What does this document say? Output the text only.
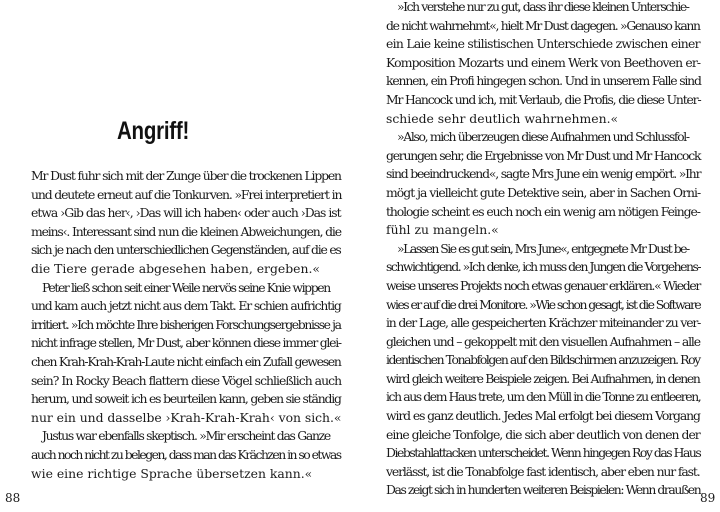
Angriff!
Mr Dust fuhr sich mit der Zunge über die trockenen Lippen
und deutete erneut auf die Tonkurven. »Frei interpretiert in
etwa ›Gib das her‹, ›Das will ich haben‹ oder auch ›Das ist
meins‹. Interessant sind nun die kleinen Abweichungen, die
sich je nach den unterschiedlichen Gegenständen, auf die es
die Tiere gerade abgesehen haben, ergeben.«
Peter ließ schon seit einer Weile nervös seine Knie wippen
und kam auch jetzt nicht aus dem Takt. Er schien aufrichtig
irritiert. »Ich möchte Ihre bisherigen Forschungsergebnisse ja
nicht infrage stellen, Mr Dust, aber können diese immer glei-
chen Krah-Krah-Krah-Laute nicht einfach ein Zufall gewesen
sein? In Rocky Beach flattern diese Vögel schließlich auch
herum, und soweit ich es beurteilen kann, geben sie ständig
nur ein und dasselbe ›Krah-Krah-Krah‹ von sich.«
Justus war ebenfalls skeptisch. »Mir erscheint das Ganze
auch noch nicht zu belegen, dass man das Krächzen in so etwas
wie eine richtige Sprache übersetzen kann.«
88
»Ich verstehe nur zu gut, dass ihr diese kleinen Unterschie-
de nicht wahrnehmt«, hielt Mr Dust dagegen. »Genauso kann
ein Laie keine stilistischen Unterschiede zwischen einer
Komposition Mozarts und einem Werk von Beethoven er-
kennen, ein Profi hingegen schon. Und in unserem Falle sind
Mr Hancock und ich, mit Verlaub, die Profis, die diese Unter-
schiede sehr deutlich wahrnehmen.«
»Also, mich überzeugen diese Aufnahmen und Schlussfol-
gerungen sehr, die Ergebnisse von Mr Dust und Mr Hancock
sind beeindruckend«, sagte Mrs June ein wenig empört. »Ihr
mögt ja vielleicht gute Detektive sein, aber in Sachen Orni-
thologie scheint es euch noch ein wenig am nötigen Feinge-
fühl zu mangeln.«
»Lassen Sie es gut sein, Mrs June«, entgegnete Mr Dust be-
schwichtigend. »Ich denke, ich muss den Jungen die Vorgehens-
weise unseres Projekts noch etwas genauer erklären.« Wieder
wies er auf die drei Monitore. »Wie schon gesagt, ist die Software
in der Lage, alle gespeicherten Krächzer miteinander zu ver-
gleichen und – gekoppelt mit den visuellen Aufnahmen – alle
identischen Tonabfolgen auf den Bildschirmen anzuzeigen. Roy
wird gleich weitere Beispiele zeigen. Bei Aufnahmen, in denen
ich aus dem Haus trete, um den Müll in die Tonne zu entleeren,
wird es ganz deutlich. Jedes Mal erfolgt bei diesem Vorgang
eine gleiche Tonfolge, die sich aber deutlich von denen der
Diebstahlattacken unterscheidet. Wenn hingegen Roy das Haus
verlässt, ist die Tonabfolge fast identisch, aber eben nur fast.
Das zeigt sich in hunderten weiteren Beispielen: Wenn draußen
89
